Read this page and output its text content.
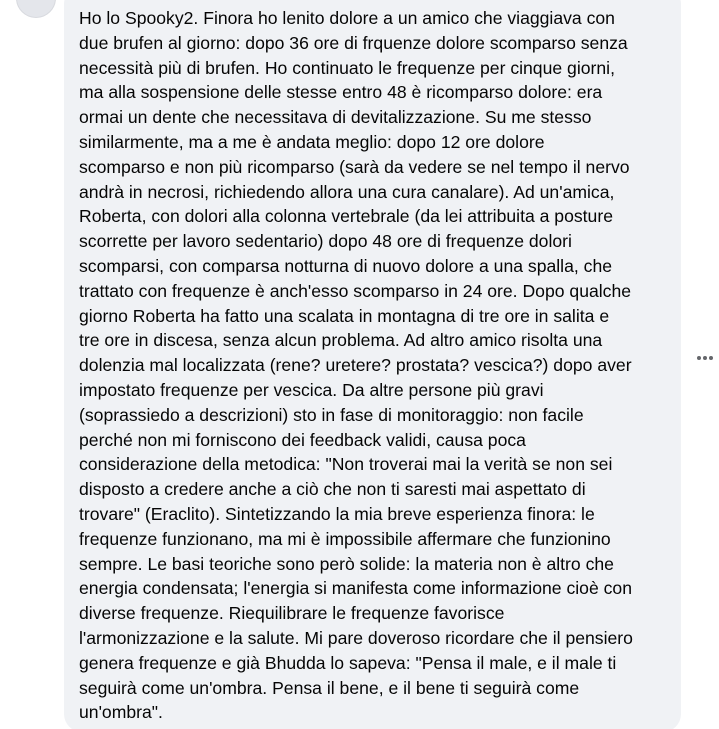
Ho lo Spooky2. Finora ho lenito dolore a un amico che viaggiava con
due brufen al giorno: dopo 36 ore di frquenze dolore scomparso senza
necessità più di brufen. Ho continuato le frequenze per cinque giorni,
ma alla sospensione delle stesse entro 48 è ricomparso dolore: era
ormai un dente che necessitava di devitalizzazione. Su me stesso
similarmente, ma a me è andata meglio: dopo 12 ore dolore
scomparso e non più ricomparso (sarà da vedere se nel tempo il nervo
andrà in necrosi, richiedendo allora una cura canalare). Ad un'amica,
Roberta, con dolori alla colonna vertebrale (da lei attribuita a posture
scorrette per lavoro sedentario) dopo 48 ore di frequenze dolori
scomparsi, con comparsa notturna di nuovo dolore a una spalla, che
trattato con frequenze è anch'esso scomparso in 24 ore. Dopo qualche
giorno Roberta ha fatto una scalata in montagna di tre ore in salita e
tre ore in discesa, senza alcun problema. Ad altro amico risolta una
dolenzia mal localizzata (rene? uretere? prostata? vescica?) dopo aver
impostato frequenze per vescica. Da altre persone più gravi
(soprassiedo a descrizioni) sto in fase di monitoraggio: non facile
perché non mi forniscono dei feedback validi, causa poca
considerazione della metodica: "Non troverai mai la verità se non sei
disposto a credere anche a ciò che non ti saresti mai aspettato di
trovare" (Eraclito). Sintetizzando la mia breve esperienza finora: le
frequenze funzionano, ma mi è impossibile affermare che funzionino
sempre. Le basi teoriche sono però solide: la materia non è altro che
energia condensata; l'energia si manifesta come informazione cioè con
diverse frequenze. Riequilibrare le frequenze favorisce
l'armonizzazione e la salute. Mi pare doveroso ricordare che il pensiero
genera frequenze e già Bhudda lo sapeva: "Pensa il male, e il male ti
seguirà come un'ombra. Pensa il bene, e il bene ti seguirà come
un'ombra".
